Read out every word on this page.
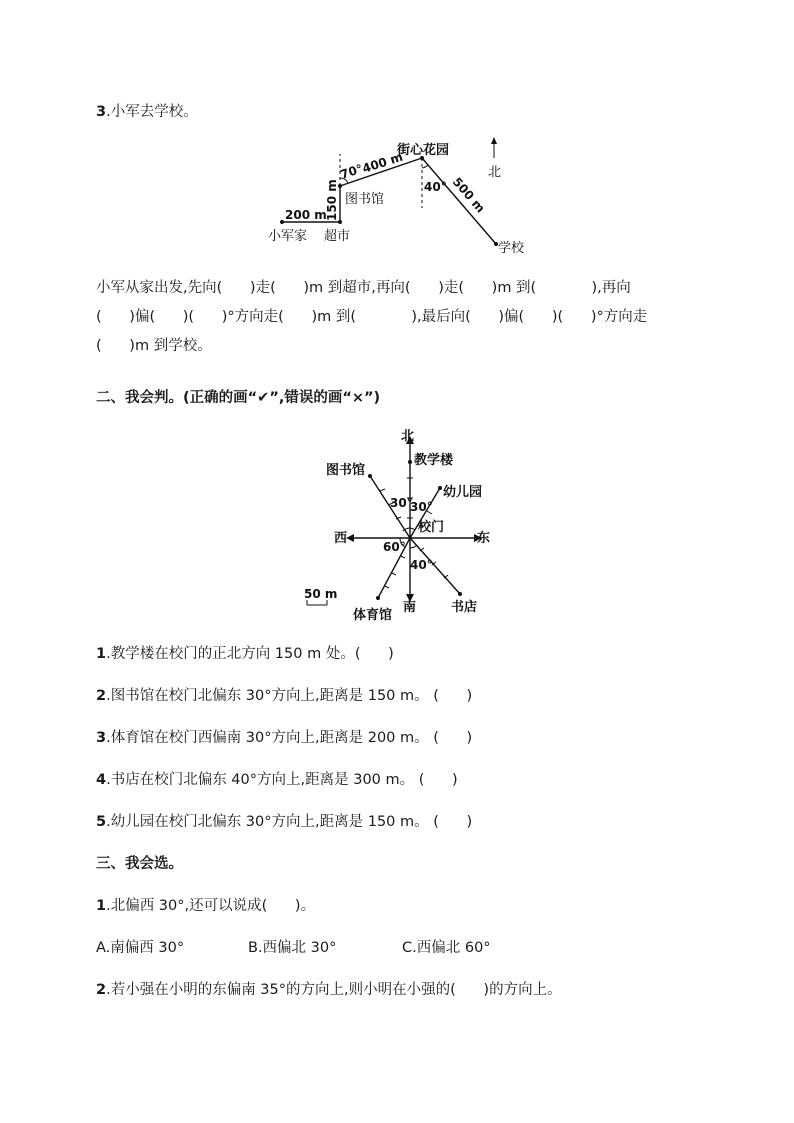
3.小军去学校。
北
街心花园
70°
400 m
40° 500 m
图书馆
150 m
200 m
小军家 超市
学校
小军从家出发,先向(      )走(      )m 到超市,再向(      )走(      )m 到(            ),再向
(      )偏(      )(      )°方向走(      )m 到(            ),最后向(      )偏(      )(      )°方向走
(      )m 到学校。
二、我会判。(正确的画“✔”,错误的画“×”)
北
教学楼
图书馆
幼儿园
30°
30°
校门
西	东
60°
40°
50 m
体育馆
南	书店
1.教学楼在校门的正北方向 150 m 处。(      )
2.图书馆在校门北偏东 30°方向上,距离是 150 m。 (      )
3.体育馆在校门西偏南 30°方向上,距离是 200 m。 (      )
4.书店在校门北偏东 40°方向上,距离是 300 m。 (      )
5.幼儿园在校门北偏东 30°方向上,距离是 150 m。 (      )
三、我会选。
1.北偏西 30°,还可以说成(      )。
A.南偏西 30°	B.西偏北 30°	C.西偏北 60°
2.若小强在小明的东偏南 35°的方向上,则小明在小强的(      )的方向上。
